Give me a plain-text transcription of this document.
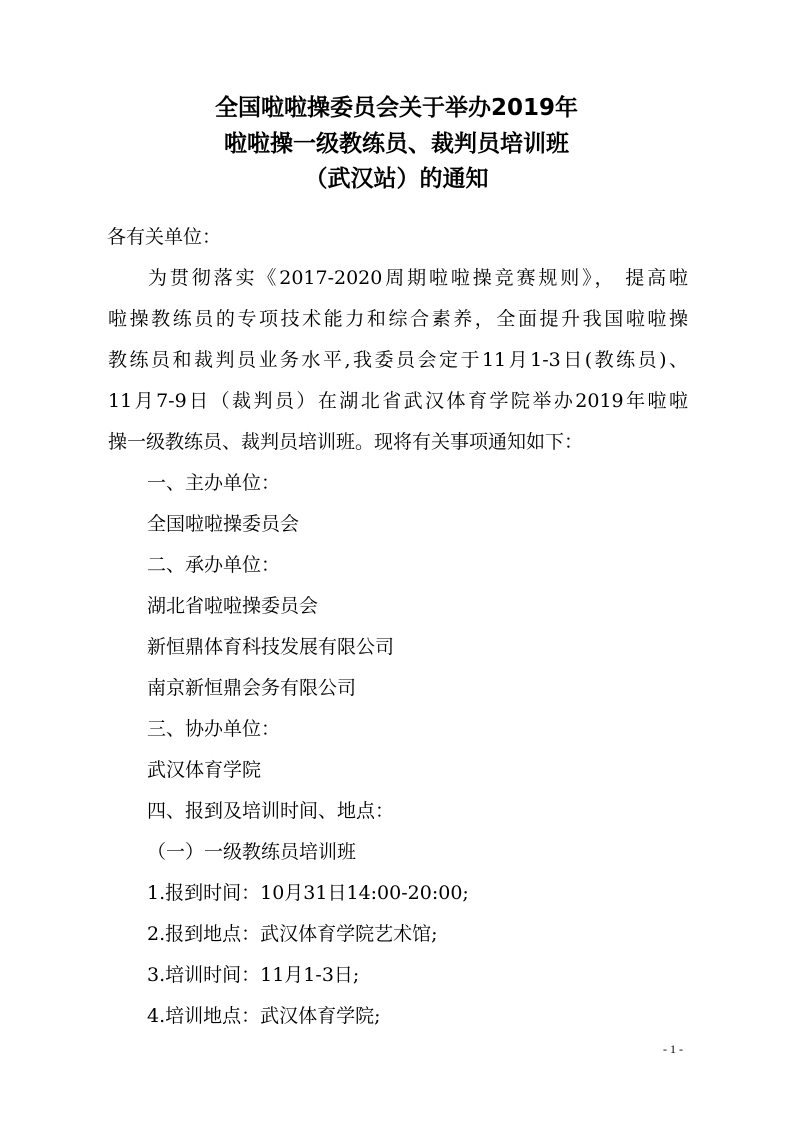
全国啦啦操委员会关于举办2019年
啦啦操一级教练员、裁判员培训班
（武汉站）的通知
各有关单位：
为贯彻落实《2017-2020周期啦啦操竞赛规则》， 提高啦
啦操教练员的专项技术能力和综合素养，全面提升我国啦啦操
教练员和裁判员业务水平,我委员会定于11月1-3日(教练员)、
11月7-9日（裁判员）在湖北省武汉体育学院举办2019年啦啦
操一级教练员、裁判员培训班。现将有关事项通知如下：
一、主办单位：
全国啦啦操委员会
二、承办单位：
湖北省啦啦操委员会
新恒鼎体育科技发展有限公司
南京新恒鼎会务有限公司
三、协办单位：
武汉体育学院
四、报到及培训时间、地点：
（一）一级教练员培训班
1.报到时间：10月31日14:00-20:00;
2.报到地点：武汉体育学院艺术馆;
3.培训时间：11月1-3日;
4.培训地点：武汉体育学院;
- 1 -
